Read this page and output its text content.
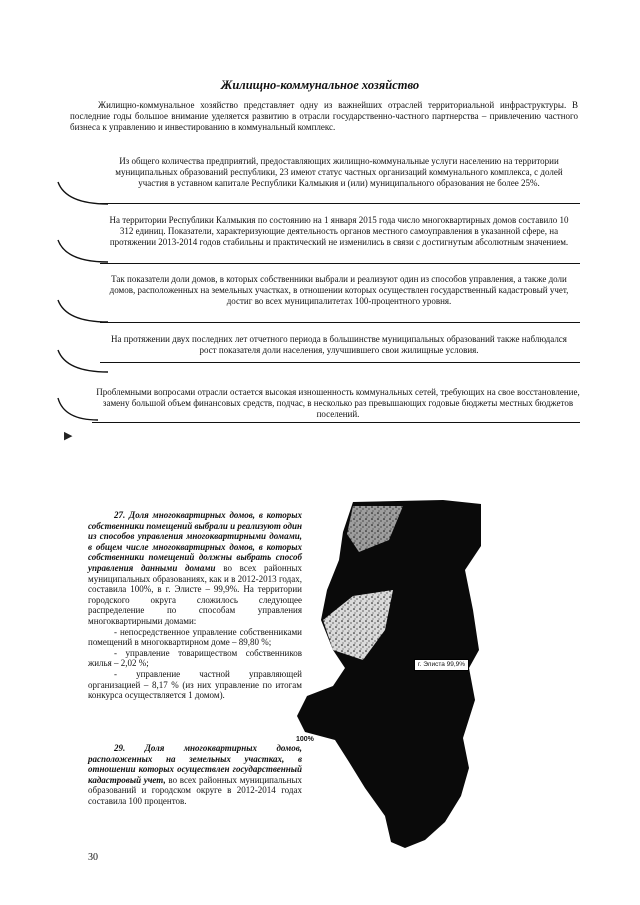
Жилищно-коммунальное хозяйство
Жилищно-коммунальное хозяйство представляет одну из важнейших отраслей территориальной инфраструктуры. В последние годы большое внимание уделяется развитию в отрасли государственно-частного партнерства – привлечению частного бизнеса к управлению и инвестированию в коммунальный комплекс.
Из общего количества предприятий, предоставляющих жилищно-коммунальные услуги населению на территории муниципальных образований республики, 23 имеют статус частных организаций коммунального комплекса, с долей участия в уставном капитале Республики Калмыкия и (или) муниципального образования не более 25%.
На территории Республики Калмыкия по состоянию на 1 января 2015 года число многоквартирных домов составило 10 312 единиц. Показатели, характеризующие деятельность органов местного самоуправления в указанной сфере, на протяжении 2013-2014 годов стабильны и практический не изменились в связи с достигнутым абсолютным значением.
Так показатели доли домов, в которых собственники выбрали и реализуют один из способов управления, а также доли домов, расположенных на земельных участках, в отношении которых осуществлен государственный кадастровый учет, достиг во всех муниципалитетах 100-процентного уровня.
На протяжении двух последних лет отчетного периода в большинстве муниципальных образований также наблюдался рост показателя доли населения, улучшившего свои жилищные условия.
Проблемными вопросами отрасли остается высокая изношенность коммунальных сетей, требующих на свое восстановление, замену большой объем финансовых средств, подчас, в несколько раз превышающих годовые бюджеты местных бюджетов поселений.
▶
27. Доля многоквартирных домов, в которых собственники помещений выбрали и реализуют один из способов управления многоквартирными домами, в общем числе многоквартирных домов, в которых собственники помещений должны выбрать способ управления данными домами во всех районных муниципальных образованиях, как и в 2012-2013 годах, составила 100%, в г. Элисте – 99,9%. На территории городского округа сложилось следующее распределение по способам управления многоквартирными домами:

- непосредственное управление собственниками помещений в многоквартирном доме – 89,80 %;

- управление товариществом собственников жилья – 2,02 %;

- управление частной управляющей организацией – 8,17 % (из них управление по итогам конкурса осуществляется 1 домом).

29. Доля многоквартирных домов, расположенных на земельных участках, в отношении которых осуществлен государственный кадастровый учет, во всех районных муниципальных образований и городском округе в 2012-2014 годах составила 100 процентов.
г. Элиста 99,9%
100%
30
